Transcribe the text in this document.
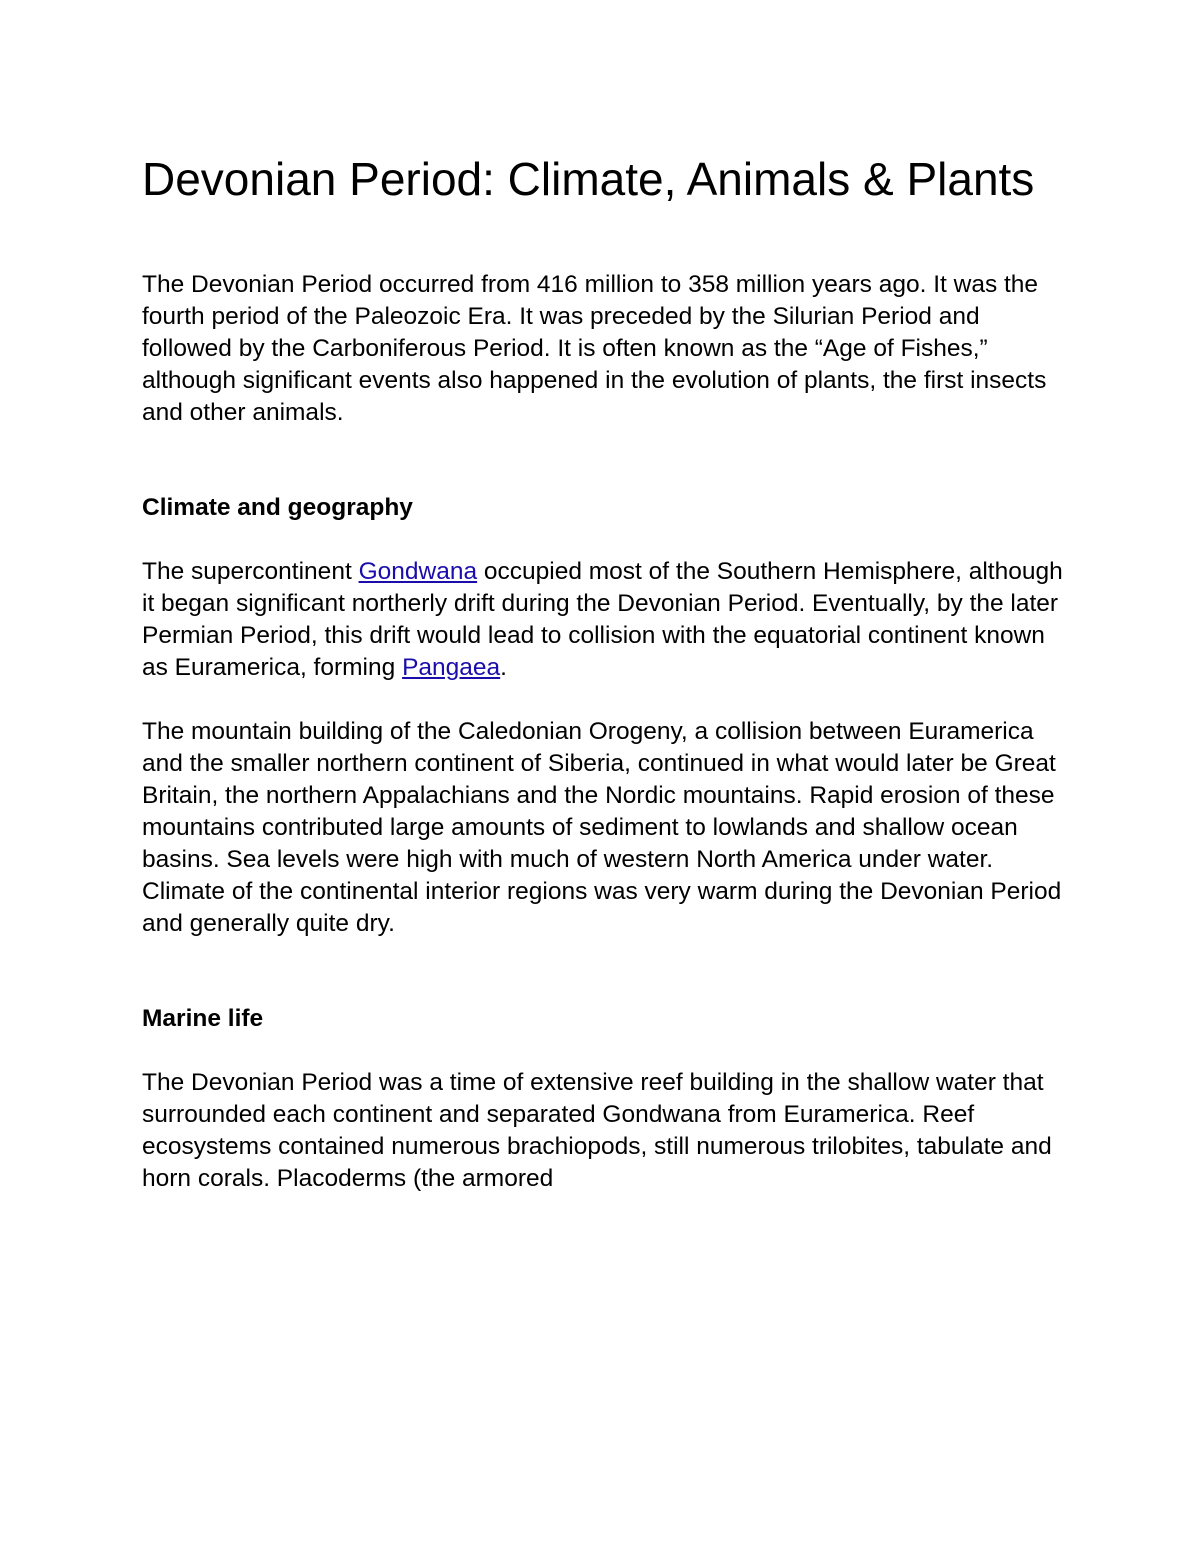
Devonian Period: Climate, Animals & Plants

The Devonian Period occurred from 416 million to 358 million years ago. It was the fourth period of the Paleozoic Era. It was preceded by the Silurian Period and followed by the Carboniferous Period. It is often known as the “Age of Fishes,” although significant events also happened in the evolution of plants, the first insects and other animals.

Climate and geography

The supercontinent Gondwana occupied most of the Southern Hemisphere, although it began significant northerly drift during the Devonian Period. Eventually, by the later Permian Period, this drift would lead to collision with the equatorial continent known as Euramerica, forming Pangaea.

The mountain building of the Caledonian Orogeny, a collision between Euramerica and the smaller northern continent of Siberia, continued in what would later be Great Britain, the northern Appalachians and the Nordic mountains. Rapid erosion of these mountains contributed large amounts of sediment to lowlands and shallow ocean basins. Sea levels were high with much of western North America under water. Climate of the continental interior regions was very warm during the Devonian Period and generally quite dry.

Marine life

The Devonian Period was a time of extensive reef building in the shallow water that surrounded each continent and separated Gondwana from Euramerica. Reef ecosystems contained numerous brachiopods, still numerous trilobites, tabulate and horn corals. Placoderms (the armored
